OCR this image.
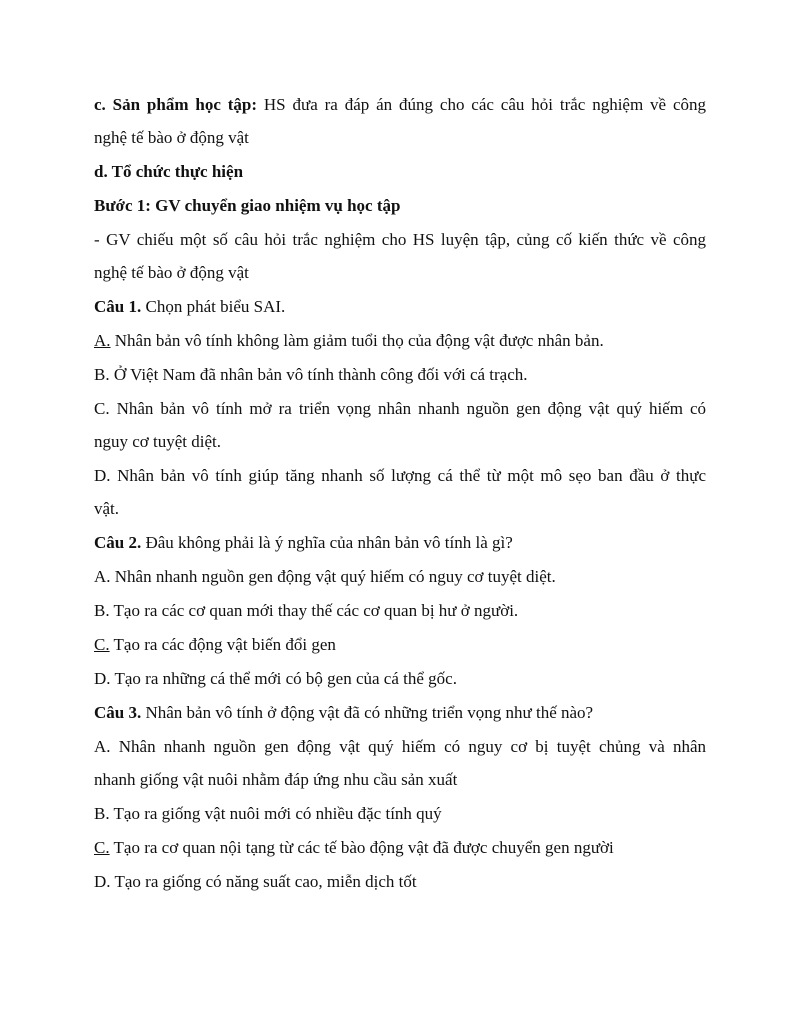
c. Sản phẩm học tập: HS đưa ra đáp án đúng cho các câu hỏi trắc nghiệm về công
nghệ tế bào ở động vật
d. Tổ chức thực hiện
Bước 1: GV chuyển giao nhiệm vụ học tập
- GV chiếu một số câu hỏi trắc nghiệm cho HS luyện tập, củng cố kiến thức về công
nghệ tế bào ở động vật
Câu 1. Chọn phát biểu SAI.
A. Nhân bản vô tính không làm giảm tuổi thọ của động vật được nhân bản.
B. Ở Việt Nam đã nhân bản vô tính thành công đối với cá trạch.
C. Nhân bản vô tính mở ra triển vọng nhân nhanh nguồn gen động vật quý hiếm có
nguy cơ tuyệt diệt.
D. Nhân bản vô tính giúp tăng nhanh số lượng cá thể từ một mô sẹo ban đầu ở thực
vật.
Câu 2. Đâu không phải là ý nghĩa của nhân bản vô tính là gì?
A. Nhân nhanh nguồn gen động vật quý hiếm có nguy cơ tuyệt diệt.
B. Tạo ra các cơ quan mới thay thế các cơ quan bị hư ở người.
C. Tạo ra các động vật biến đổi gen
D. Tạo ra những cá thể mới có bộ gen của cá thể gốc.
Câu 3. Nhân bản vô tính ở động vật đã có những triển vọng như thế nào?
A. Nhân nhanh nguồn gen động vật quý hiếm có nguy cơ bị tuyệt chủng và nhân
nhanh giống vật nuôi nhằm đáp ứng nhu cầu sản xuất
B. Tạo ra giống vật nuôi mới có nhiều đặc tính quý
C. Tạo ra cơ quan nội tạng từ các tế bào động vật đã được chuyển gen người
D. Tạo ra giống có năng suất cao, miễn dịch tốt
